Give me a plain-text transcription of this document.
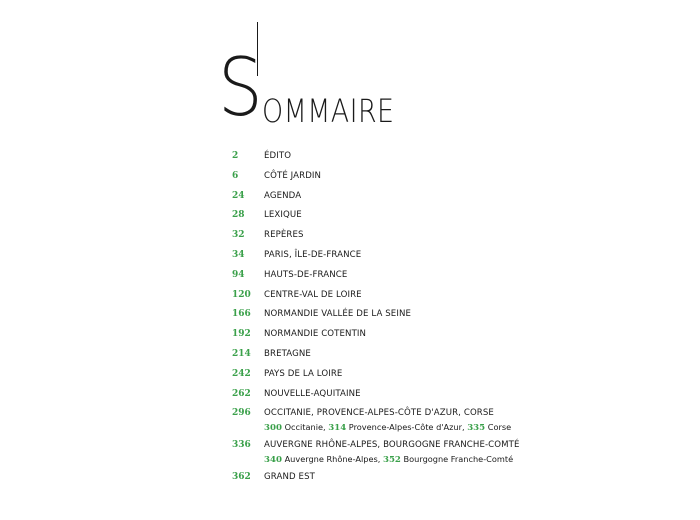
S OMMAIRE
2	ÉDITO
6	CÔTÉ JARDIN
24	AGENDA
28	LEXIQUE
32	REPÈRES
34	PARIS, ÎLE-DE-FRANCE
94	HAUTS-DE-FRANCE
120	CENTRE-VAL DE LOIRE
166	NORMANDIE VALLÉE DE LA SEINE
192	NORMANDIE COTENTIN
214	BRETAGNE
242	PAYS DE LA LOIRE
262	NOUVELLE-AQUITAINE
296	OCCITANIE, PROVENCE-ALPES-CÔTE D'AZUR, CORSE
300 Occitanie, 314 Provence-Alpes-Côte d'Azur, 335 Corse
336	AUVERGNE RHÔNE-ALPES, BOURGOGNE FRANCHE-COMTÉ
340 Auvergne Rhône-Alpes, 352 Bourgogne Franche-Comté
362	GRAND EST
